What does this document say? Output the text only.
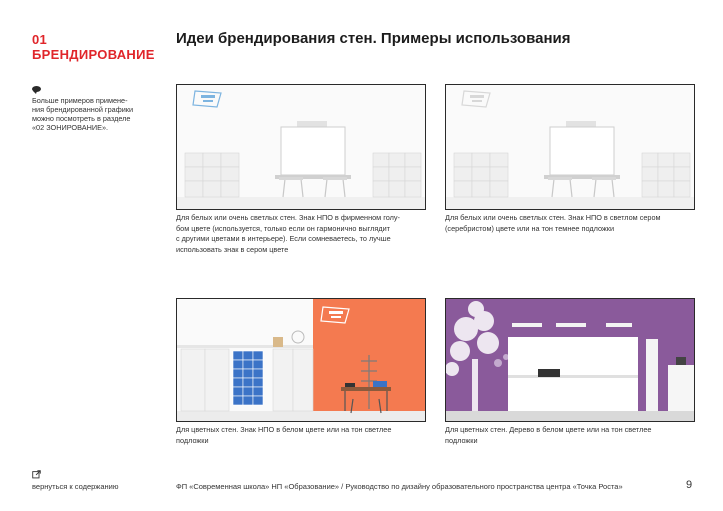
01
БРЕНДИРОВАНИЕ
Идеи брендирования стен. Примеры использования
Больше примеров примене-
ния брендированной графики
можно посмотреть в разделе
«02 ЗОНИРОВАНИЕ».
Для белых или очень светлых стен. Знак НПО в фирменном голу-
бом цвете (используется, только если он гармонично выглядит
с другими цветами в интерьере). Если сомневаетесь, то лучше
использовать знак в сером цвете
Для белых или очень светлых стен. Знак НПО в светлом сером
(серебристом) цвете или на тон темнее подложки
Для цветных стен. Знак НПО в белом цвете или на тон светлее
подложки
Для цветных стен. Дерево в белом цвете или на тон светлее
подложки
вернуться к содержанию	ФП «Современная школа» НП «Образование» / Руководство по дизайну образовательного пространства центра «Точка Роста»	9
